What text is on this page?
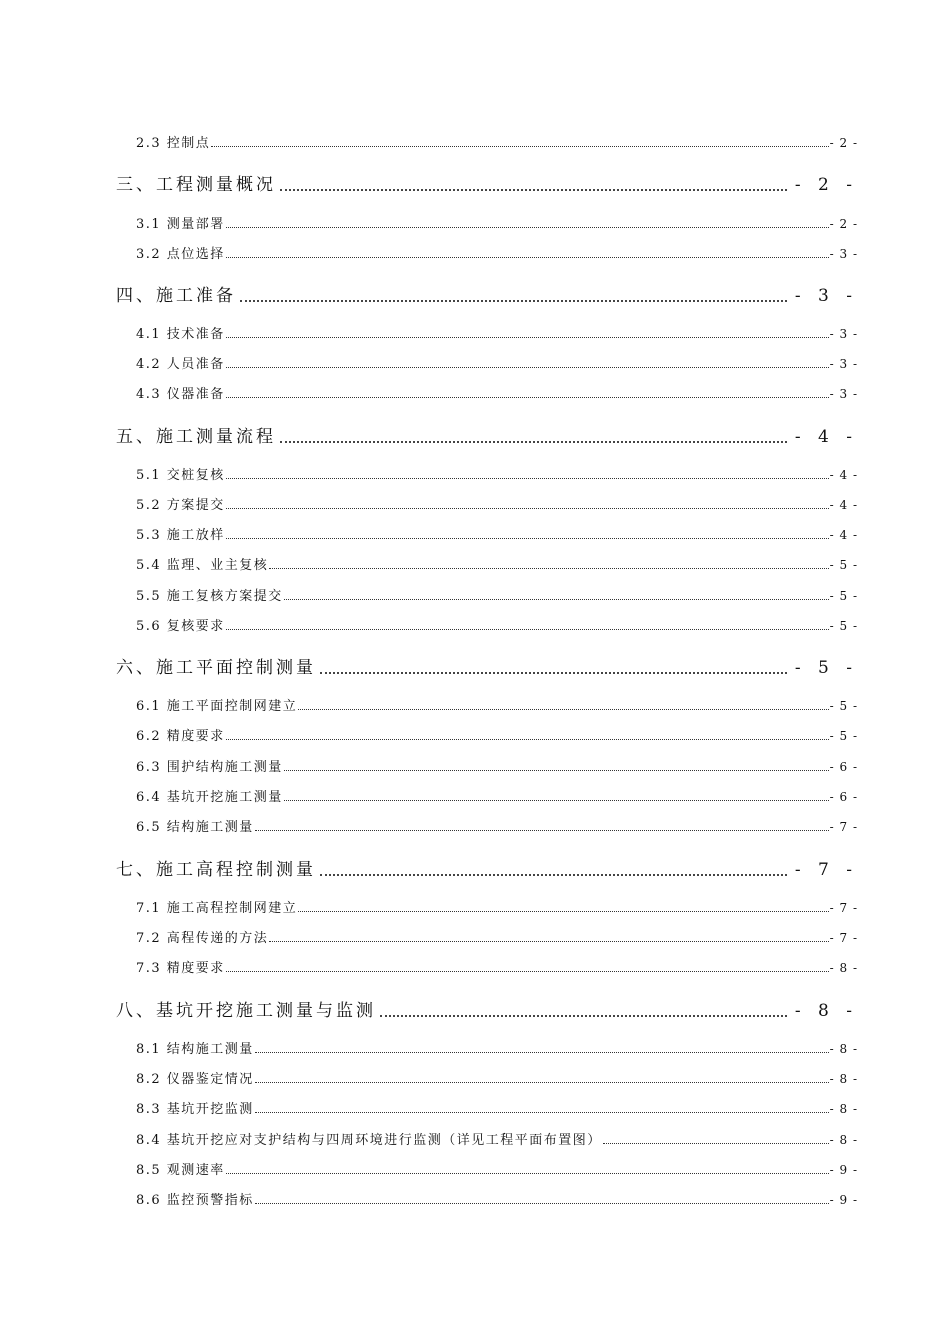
2.3 控制点	- 2 -
三、工程测量概况	- 2 -
3.1 测量部署	- 2 -
3.2 点位选择	- 3 -
四、施工准备	- 3 -
4.1 技术准备	- 3 -
4.2 人员准备	- 3 -
4.3 仪器准备	- 3 -
五、施工测量流程	- 4 -
5.1 交桩复核	- 4 -
5.2 方案提交	- 4 -
5.3 施工放样	- 4 -
5.4 监理、业主复核	- 5 -
5.5 施工复核方案提交	- 5 -
5.6 复核要求	- 5 -
六、施工平面控制测量	- 5 -
6.1 施工平面控制网建立	- 5 -
6.2 精度要求	- 5 -
6.3 围护结构施工测量	- 6 -
6.4 基坑开挖施工测量	- 6 -
6.5 结构施工测量	- 7 -
七、施工高程控制测量	- 7 -
7.1 施工高程控制网建立	- 7 -
7.2 高程传递的方法	- 7 -
7.3 精度要求	- 8 -
八、基坑开挖施工测量与监测	- 8 -
8.1 结构施工测量	- 8 -
8.2 仪器鉴定情况	- 8 -
8.3 基坑开挖监测	- 8 -
8.4 基坑开挖应对支护结构与四周环境进行监测（详见工程平面布置图）	- 8 -
8.5 观测速率	- 9 -
8.6 监控预警指标	- 9 -
